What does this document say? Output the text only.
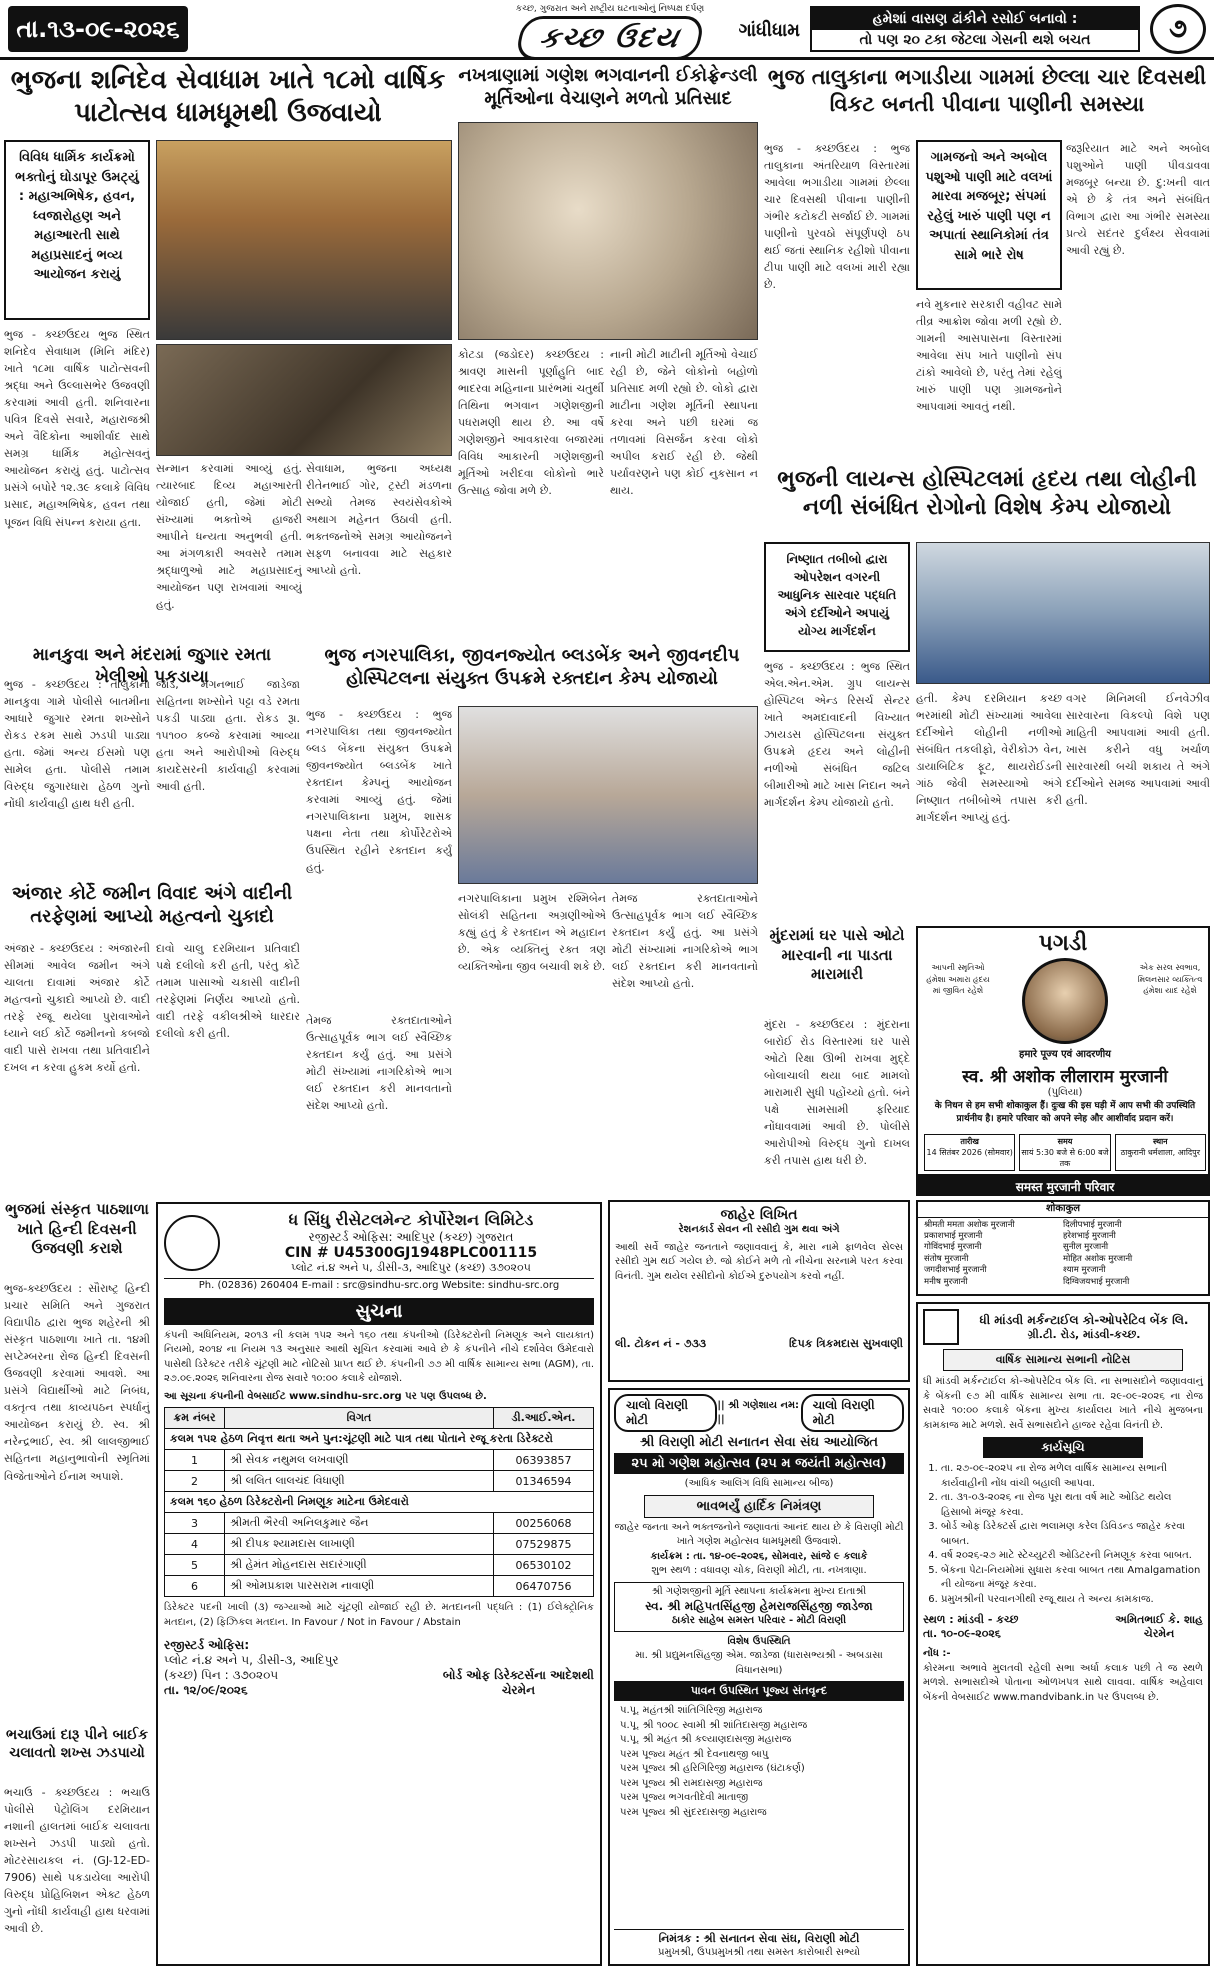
તા.૧૩-૦૯-૨૦૨૬
કચ્છ, ગુજરાત અને રાષ્ટ્રીય ઘટનાઓનું નિષ્પક્ષ દર્પણ
કચ્છ ઉદય	ગાંધીધામ
હમેશાં વાસણ ઢાંકીને રસોઈ બનાવો :
તો પણ ૨૦ ટકા જેટલા ગેસની થશે બચત	૭
ભુજના શનિદેવ સેવાધામ ખાતે ૧૮મો વાર્ષિક પાટોત્સવ ધામધૂમથી ઉજવાયો
વિવિધ ધાર્મિક કાર્યક્રમો ભક્તોનું ઘોડાપૂર ઉમટ્યું : મહાઅભિષેક, હવન, ધ્વજારોહણ અને મહાઆરતી સાથે મહાપ્રસાદનું ભવ્ય આયોજન કરાયું
ભુજ - ક્ચ્છઉદય ભુજ સ્થિત શનિદેવ સેવાધામ (મિનિ મંદિર) ખાતે ૧૮મા વાર્ષિક પાટોત્સવની શ્રદ્ધા અને ઉલ્લાસભેર ઉજવણી કરવામાં આવી હતી. શનિવારના પવિત્ર દિવસે સવારે, મહારાજશ્રી અને વૈદિકોના આશીર્વાદ સાથે સમગ્ર ધાર્મિક મહોત્સવનું આયોજન કરાયું હતું. પાટોત્સવ પ્રસંગે બપોરે ૧૨.૩૯ કલાકે વિવિધ પ્રસાદ, મહાઅભિષેક, હવન તથા પૂજન વિધિ સંપન્ન કરાયા હતા.
સન્માન કરવામાં આવ્યું હતું. ત્યારબાદ દિવ્ય મહાઆરતી યોજાઈ હતી, જેમાં મોટી સંખ્યામાં ભક્તોએ હાજરી આપીને ધન્યતા અનુભવી હતી. આ મંગળકારી અવસરે તમામ શ્રદ્ધાળુઓ માટે મહાપ્રસાદનું આયોજન પણ રાખવામાં આવ્યું હતું.
સેવાધામ, ભુજના અધ્યક્ષ રીતેનભાઈ ગોર, ટ્રસ્ટી મંડળના સભ્યો તેમજ સ્વયંસેવકોએ અથાગ મહેનત ઉઠાવી હતી. ભક્તજનોએ સમગ્ર આયોજનને સફળ બનાવવા માટે સહકાર આપ્યો હતો.
નખત્રાણામાં ગણેશ ભગવાનની ઈકોફ્રેન્ડલી મૂર્તિઓના વેચાણને મળતો પ્રતિસાદ
કોટડા (જડોદર) ક્ચ્છઉદય : શ્રાવણ માસની પૂર્ણાહુતિ બાદ ભાદરવા મહિનાના પ્રારંભમાં ચતુર્થી તિથિના ભગવાન ગણેશજીની પધરામણી થાય છે. આ વર્ષે ગણેશજીને આવકારવા બજારમાં વિવિધ આકારની ગણેશજીની મૂર્તિઓ ખરીદવા લોકોનો ભારે ઉત્સાહ જોવા મળે છે.
નાની મોટી માટીની મૂર્તિઓ વેચાઈ રહી છે, જેને લોકોનો બહોળો પ્રતિસાદ મળી રહ્યો છે. લોકો દ્વારા માટીના ગણેશ મૂર્તિની સ્થાપના કરવા અને પછી ઘરમાં જ તળાવમાં વિસર્જન કરવા લોકો અપીલ કરાઈ રહી છે. જેથી પર્યાવરણને પણ કોઈ નુકસાન ન થાય.
ભુજ તાલુકાના ભગાડીયા ગામમાં છેલ્લા ચાર દિવસથી વિકટ બનતી પીવાના પાણીની સમસ્યા
ભુજ - ક્ચ્છઉદય : ભુજ તાલુકાના અંતરિયાળ વિસ્તારમાં આવેલા ભગાડીયા ગામમાં છેલ્લા ચાર દિવસથી પીવાના પાણીની ગંભીર કટોકટી સર્જાઈ છે. ગામમાં પાણીનો પુરવઠો સંપૂર્ણપણે ઠપ થઈ જતાં સ્થાનિક રહીશો પીવાના ટીપા પાણી માટે વલખાં મારી રહ્યા છે.
ગામજનો અને અબોલ પશુઓ પાણી માટે વલખાં મારવા મજબૂર; સંપમાં રહેલું ખારું પાણી પણ ન અપાતાં સ્થાનિકોમાં તંત્ર સામે ભારે રોષ
જરૂરિયાત માટે અને અબોલ પશુઓને પાણી પીવડાવવા મજબૂર બન્યા છે. દુ:ખની વાત એ છે કે તંત્ર અને સંબંધિત વિભાગ દ્વારા આ ગંભીર સમસ્યા પ્રત્યે સદંતર દુર્લક્ષ્ય સેવવામાં આવી રહ્યું છે.
નવે મુકનાર સરકારી વહીવટ સામે તીવ્ર આક્રોશ જોવા મળી રહ્યો છે. ગામની આસપાસના વિસ્તારમાં આવેલા સંપ ખાતે પાણીનો સંપ ટાંકો આવેલો છે, પરંતુ તેમાં રહેલું ખારું પાણી પણ ગ્રામજનોને આપવામાં આવતું નથી.
ભુજની લાયન્સ હોસ્પિટલમાં હૃદય તથા લોહીની નળી સંબંધિત રોગોનો વિશેષ કેમ્પ યોજાયો
નિષ્ણાત તબીબો દ્વારા ઓપરેશન વગરની આધુનિક સારવાર પદ્ધતિ અંગે દર્દીઓને અપાયું યોગ્ય માર્ગદર્શન
ભુજ - ક્ચ્છઉદય : ભુજ સ્થિત એલ.એન.એમ. ગ્રુપ લાયન્સ હોસ્પિટલ એન્ડ રિસર્ચ સેન્ટર ખાતે અમદાવાદની વિખ્યાત ઝાયડસ હોસ્પિટલના સંયુક્ત ઉપક્રમે હૃદય અને લોહીની નળીઓ સંબંધિત જટિલ બીમારીઓ માટે ખાસ નિદાન અને માર્ગદર્શન કેમ્પ યોજાયો હતો.
હતી. કેમ્પ દરમિયાન કચ્છ ભરમાંથી મોટી સંખ્યામાં આવેલા દર્દીઓને લોહીની નળીઓ સંબંધિત તકલીફો, વેરીકોઝ વેન, ડાયાબિટિક ફૂટ, થાયરોઈડની ગાંઠ જેવી સમસ્યાઓ અંગે નિષ્ણાત તબીબોએ તપાસ કરી માર્ગદર્શન આપ્યું હતું.
વગર મિનિમલી ઈનવેઝીવ સારવારના વિકલ્પો વિશે પણ માહિતી આપવામાં આવી હતી. ખાસ કરીને વધુ ખર્ચાળ સારવારથી બચી શકાય તે અંગે દર્દીઓને સમજ આપવામાં આવી હતી.
માનકુવા અને મંદરામાં જુગાર રમતા ખેલીઓ પકડાયા
ભુજ - ક્ચ્છઉદય : તાલુકાના માનકુવા ગામે પોલીસે બાતમીના આધારે જુગાર રમતા શખ્સોને રોકડ રકમ સાથે ઝડપી પાડ્યા હતા. જેમાં અન્ય ઈસમો પણ સામેલ હતા. પોલીસે તમામ વિરુદ્ધ જુગારધારા હેઠળ ગુનો નોંધી કાર્યવાહી હાથ ધરી હતી.
જોડ, મગનભાઈ જાડેજા સહિતના શખ્સોને પટ્ટા વડે રમતા પકડી પાડ્યા હતા. રોકડ રૂા. ૧૫૧૦૦ કબ્જે કરવામાં આવ્યા હતા અને આરોપીઓ વિરુદ્ધ કાયદેસરની કાર્યવાહી કરવામાં આવી હતી.
ભુજ નગરપાલિકા, જીવનજ્યોત બ્લડબેંક અને જીવનદીપ હોસ્પિટલના સંયુક્ત ઉપક્રમે રક્તદાન કેમ્પ યોજાયો
ભુજ - ક્ચ્છઉદય : ભુજ નગરપાલિકા તથા જીવનજ્યોત બ્લડ બેંકના સંયુક્ત ઉપક્રમે જીવનજ્યોત બ્લડબેંક ખાતે રક્તદાન કેમ્પનું આયોજન કરવામાં આવ્યું હતું. જેમાં નગરપાલિકાના પ્રમુખ, શાસક પક્ષના નેતા તથા કોર્પોરેટરોએ ઉપસ્થિત રહીને રક્તદાન કર્યું હતું.
નગરપાલિકાના પ્રમુખ રશ્મિબેન સોલંકી સહિતના અગ્રણીઓએ કહ્યું હતું કે રક્તદાન એ મહાદાન છે. એક વ્યક્તિનું રક્ત ત્રણ વ્યક્તિઓના જીવ બચાવી શકે છે.
તેમજ રક્તદાતાઓને ઉત્સાહપૂર્વક ભાગ લઈ સ્વૈચ્છિક રક્તદાન કર્યું હતું. આ પ્રસંગે મોટી સંખ્યામાં નાગરિકોએ ભાગ લઈ રક્તદાન કરી માનવતાનો સંદેશ આપ્યો હતો.
અંજાર કોર્ટે જમીન વિવાદ અંગે વાદીની તરફેણમાં આપ્યો મહત્વનો ચુકાદો
અંજાર - ક્ચ્છઉદય : અંજારની સીમમાં આવેલ જમીન અંગે ચાલતા દાવામાં અંજાર કોર્ટે મહત્વનો ચુકાદો આપ્યો છે. વાદી તરફે રજૂ થયેલા પુરાવાઓને ધ્યાને લઈ કોર્ટે જમીનનો કબજો વાદી પાસે રાખવા તથા પ્રતિવાદીને દખલ ન કરવા હુકમ કર્યો હતો.
દાવો ચાલુ દરમિયાન પ્રતિવાદી પક્ષે દલીલો કરી હતી, પરંતુ કોર્ટે તમામ પાસાઓ ચકાસી વાદીની તરફેણમાં નિર્ણય આપ્યો હતો. વાદી તરફે વકીલશ્રીએ ધારદાર દલીલો કરી હતી.
તેમજ રક્તદાતાઓને ઉત્સાહપૂર્વક ભાગ લઈ સ્વૈચ્છિક રક્તદાન કર્યું હતું. આ પ્રસંગે મોટી સંખ્યામાં નાગરિકોએ ભાગ લઈ રક્તદાન કરી માનવતાનો સંદેશ આપ્યો હતો.
મુંદરામાં ઘર પાસે ઓટો મારવાની ના પાડતા મારામારી
મુંદરા - ક્ચ્છઉદય : મુંદરાના બારોઈ રોડ વિસ્તારમાં ઘર પાસે ઓટો રિક્ષા ઊભી રાખવા મુદ્દે બોલાચાલી થયા બાદ મામલો મારામારી સુધી પહોંચ્યો હતો. બંને પક્ષે સામસામી ફરિયાદ નોંધાવવામાં આવી છે. પોલીસે આરોપીઓ વિરુદ્ધ ગુનો દાખલ કરી તપાસ હાથ ધરી છે.
પગડી
આપની સ્મૃતિઓ હંમેશા અમારા હૃદય માં જીવિત રહેશે
એક સરલ સ્વભાવ, મિલનસાર વ્યક્તિત્વ હંમેશા યાદ રહેશે
हमारे पूज्य एवं आदरणीय
स्व. श्री अशोक लीलाराम मुरजानी
(પુલિયા)
के निधन से हम सभी शोकाकुल हैं। दुःख की इस घड़ी में आप सभी की उपस्थिति प्रार्थनीय है। हमारे परिवार को अपने स्नेह और आशीर्वाद प्रदान करें।
तारीख
14 सितंबर 2026 (सोमवार)
समय
सायं 5:30 बजे से 6:00 बजे तक
स्थान
ठाकुरानी धर्मशाला, आदिपुर
समस्त मुरजानी परिवार
शोकाकुल
श्रीमती ममता अशोक मुरजानी	दिलीपभाई मुरजानी
प्रकाशभाई मुरजानी	हरेशभाई मुरजानी
गोविंदभाई मुरजानी	सुनील मुरजानी
संतोष मुरजानी	मोहित अशोक मुरजानी
जगदीशभाई मुरजानी	श्याम मुरजानी
मनीष मुरजानी	दिग्विजयभाई मुरजानी
ભુજમાં સંસ્કૃત પાઠશાળા ખાતે હિન્દી દિવસની ઉજવણી કરાશે
ભુજ-ક્ચ્છઉદય : સૌરાષ્ટ્ર હિન્દી પ્રચાર સમિતિ અને ગુજરાત વિદ્યાપીઠ દ્વારા ભુજ શહેરની શ્રી સંસ્કૃત પાઠશાળા ખાતે તા. ૧૪મી સપ્ટેમ્બરના રોજ હિન્દી દિવસની ઉજવણી કરવામાં આવશે. આ પ્રસંગે વિદ્યાર્થીઓ માટે નિબંધ, વક્તૃત્વ તથા કાવ્યપઠન સ્પર્ધાનું આયોજન કરાયું છે. સ્વ. શ્રી નરેન્દ્રભાઈ, સ્વ. શ્રી લાલજીભાઈ સહિતના મહાનુભાવોની સ્મૃતિમાં વિજેતાઓને ઈનામ અપાશે.
ભચાઉમાં દારૂ પીને બાઈક ચલાવતો શખ્સ ઝડપાયો
ભચાઉ - ક્ચ્છઉદય : ભચાઉ પોલીસે પેટ્રોલિંગ દરમિયાન નશાની હાલતમાં બાઈક ચલાવતા શખ્સને ઝડપી પાડ્યો હતો. મોટરસાયકલ નં. (GJ-12-ED-7906) સાથે પકડાયેલા આરોપી વિરુદ્ધ પ્રોહિબિશન એક્ટ હેઠળ ગુનો નોંધી કાર્યવાહી હાથ ધરવામાં આવી છે.
ધ સિંધુ રીસેટલમેન્ટ કોર્પોરેશન લિમિટેડ
રજીસ્ટર્ડ ઓફિસ: આદિપુર (કચ્છ) ગુજરાત
CIN # U45300GJ1948PLC001115
પ્લોટ નં.૪ અને ૫, ડીસી-૩, આદિપુર (કચ્છ) ૩૭૦૨૦૫
Ph. (02836) 260404 E-mail : src@sindhu-src.org Website: sindhu-src.org
સુચના
કંપની અધિનિયમ, ૨૦૧૩ ની કલમ ૧૫૨ અને ૧૬૦ તથા કંપનીઓ (ડિરેક્ટરોની નિમણૂક અને લાયકાત) નિયમો, ૨૦૧૪ ના નિયમ ૧૩ અનુસાર આથી સૂચિત કરવામાં આવે છે કે કંપનીને નીચે દર્શાવેલ ઉમેદવારો પાસેથી ડિરેક્ટર તરીકે ચૂંટણી માટે નોટિસો પ્રાપ્ત થઈ છે. કંપનીની ૭૭ મી વાર્ષિક સામાન્ય સભા (AGM), તા. ૨૭.૦૯.૨૦૨૬ શનિવારના રોજ સવારે ૧૦:૦૦ કલાકે યોજાશે.
આ સૂચના કંપનીની વેબસાઈટ www.sindhu-src.org પર પણ ઉપલબ્ધ છે.
ક્રમ નંબર	વિગત	ડી.આઈ.એન.
કલમ ૧૫૨ હેઠળ નિવૃત્ત થતા અને પુન:ચૂંટણી માટે પાત્ર તથા પોતાને રજૂ કરતા ડિરેક્ટરો		
1	શ્રી સેવક નથુમલ લખવાણી	06393857
2	શ્રી લલિત લાલચંદ વિધાણી	01346594
કલમ ૧૬૦ હેઠળ ડિરેક્ટરોની નિમણૂક માટેના ઉમેદવારો		
3	શ્રીમતી ભૈરવી અનિલકુમાર જૈન	00256068
4	શ્રી દીપક શ્યામદાસ લાખાણી	07529875
5	શ્રી હેમંત મોહનદાસ સદારંગાણી	06530102
6	શ્રી ઓમપ્રકાશ પારસરામ નાવાણી	06470756
ડિરેક્ટર પદની ખાલી (૩) જગ્યાઓ માટે ચૂંટણી યોજાઈ રહી છે. મતદાનની પદ્ધતિ : (1) ઈલેક્ટ્રોનિક મતદાન, (2) ફિઝિકલ મતદાન. In Favour / Not in Favour / Abstain
રજીસ્ટર્ડ ઓફિસ:
પ્લોટ નં.૪ અને ૫, ડીસી-૩, આદિપુર (કચ્છ) પિન : ૩૭૦૨૦૫
તા. ૧૨/૦૯/૨૦૨૬
બોર્ડ ઓફ ડિરેક્ટર્સના આદેશથી
ચેરમેન
જાહેર લિખિત
રેશનકાર્ડ સેવન ની રસીદો ગુમ થવા અંગે
આથી સર્વે જાહેર જનતાને જણાવવાનું કે, મારા નામે ફાળવેલ સેલ્સ રસીદો ગુમ થઈ ગયેલ છે. જો કોઈને મળે તો નીચેના સરનામે પરત કરવા વિનંતી. ગુમ થયેલ રસીદોનો કોઈએ દુરુપયોગ કરવો નહીં.
લી. ટોકન નં - ૭૩૩	દિપક ત્રિકમદાસ સુખવાણી
ચાલો વિરાણી મોટી
|| શ્રી ગણેશાય નમ: ||
ચાલો વિરાણી મોટી
શ્રી વિરાણી મોટી સનાતન સેવા સંઘ આયોજિત
૨૫ મો ગણેશ મહોત્સવ (૨૫ મ જયંતી મહોત્સવ)
(આધિક આલિંગ વિધિ સામાન્ય બીજ)
ભાવભર્યું હાર્દિક નિમંત્રણ
જાહેર જનતા અને ભક્તજનોને જણાવતાં આનંદ થાય છે કે વિરાણી મોટી ખાતે ગણેશ મહોત્સવ ધામધૂમથી ઉજવાશે.
કાર્યક્રમ : તા. ૧૪-૦૯-૨૦૨૬, સોમવાર, સાંજે ૯ કલાકે
શુભ સ્થળ : વધાવણ ચોક, વિરાણી મોટી, તા. નખત્રાણા.
શ્રી ગણેશજીની મૂર્તિ સ્થાપના કાર્યક્રમના મુખ્ય દાતાશ્રી
સ્વ. શ્રી મહિપતસિંહજી હેમરાજસિંહજી જાડેજા
ઠાકોર સાહેબ સમસ્ત પરિવાર - મોટી વિરાણી
વિશેષ ઉપસ્થિતિ
મા. શ્રી પ્રદ્યુમનસિંહજી એમ. જાડેજા (ધારાસભ્યશ્રી - અબડાસા વિધાનસભા)
પાવન ઉપસ્થિત પૂજ્ય સંતવૃન્દ
પ.પૂ. મહંતશ્રી શાંતિગિરિજી મહારાજ
પ.પૂ. શ્રી ૧૦૦૮ સ્વામી શ્રી શાંતિદાસજી મહારાજ
પ.પૂ. શ્રી મહંત શ્રી કલ્યાણદાસજી મહારાજ
પરમ પૂજ્ય મહંત શ્રી દેવનાથજી બાપુ
પરમ પૂજ્ય શ્રી હરિગિરિજી મહારાજ (ઘંટાકર્ણ)
પરમ પૂજ્ય શ્રી રામદાસજી મહારાજ
પરમ પૂજ્ય ભગવતીદેવી માતાજી
પરમ પૂજ્ય શ્રી સુંદરદાસજી મહારાજ
નિમંત્રક : શ્રી સનાતન સેવા સંઘ, વિરાણી મોટી
પ્રમુખશ્રી, ઉપપ્રમુખશ્રી તથા સમસ્ત કારોબારી સભ્યો
ધી માંડવી મર્કન્ટાઈલ કો-ઓપરેટિવ બેંક લિ.
ગ્રી.ટી. રોડ, માંડવી-કચ્છ.
વાર્ષિક સામાન્ય સભાની નોટિસ
ધી માંડવી મર્કન્ટાઈલ કો-ઓપરેટિવ બેંક લિ. ના સભાસદોને જણાવવાનું કે બેંકની ૯૭ મી વાર્ષિક સામાન્ય સભા તા. ૨૯-૦૯-૨૦૨૬ ના રોજ સવારે ૧૦:૦૦ કલાકે બેંકના મુખ્ય કાર્યાલય ખાતે નીચે મુજબના કામકાજ માટે મળશે. સર્વે સભાસદોને હાજર રહેવા વિનંતી છે.
કાર્યસૂચિ
1. તા. ૨૭-૦૯-૨૦૨૫ ના રોજ મળેલ વાર્ષિક સામાન્ય સભાની કાર્યવાહીની નોંધ વાંચી બહાલી આપવા.
2. તા. ૩૧-૦૩-૨૦૨૬ ના રોજ પૂરા થતા વર્ષ માટે ઓડિટ થયેલ હિસાબો મંજૂર કરવા.
3. બોર્ડ ઓફ ડિરેક્ટર્સ દ્વારા ભલામણ કરેલ ડિવિડન્ડ જાહેર કરવા બાબત.
4. વર્ષ ૨૦૨૬-૨૭ માટે સ્ટેચ્યુટરી ઓડિટરની નિમણૂક કરવા બાબત.
5. બેંકના પેટા-નિયમોમાં સુધારા કરવા બાબત તથા Amalgamation ની યોજના મંજૂર કરવા.
6. પ્રમુખશ્રીની પરવાનગીથી રજૂ થાય તે અન્ય કામકાજ.
સ્થળ : માંડવી - કચ્છ
તા. ૧૦-૦૯-૨૦૨૬
અમિતભાઈ કે. શાહ
ચેરમેન
નોંધ :-
કોરમના અભાવે મુલતવી રહેલી સભા અર્ધા કલાક પછી તે જ સ્થળે મળશે. સભાસદોએ પોતાના ઓળખપત્ર સાથે લાવવા. વાર્ષિક અહેવાલ બેંકની વેબસાઈટ www.mandvibank.in પર ઉપલબ્ધ છે.
